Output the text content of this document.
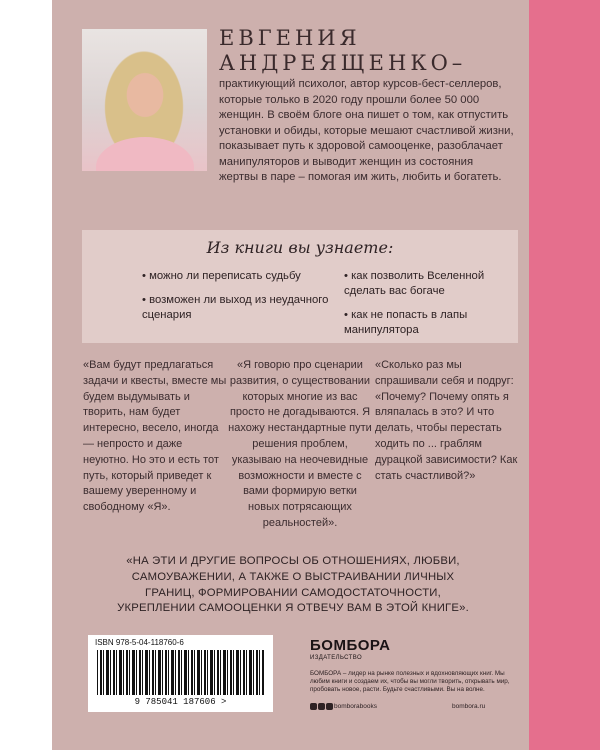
ЕВГЕНИЯ АНДРЕЯЩЕНКО–

практикующий психолог, автор курсов-бест-селлеров, которые только в 2020 году прошли более 50 000 женщин. В своём блоге она пишет о том, как отпустить установки и обиды, которые мешают счастливой жизни, показывает путь к здоровой самооценке, разоблачает манипуляторов и выводит женщин из состояния жертвы в паре – помогая им жить, любить и богатеть.

Из книги вы узнаете:

• можно ли переписать судьбу

• возможен ли выход из неудачного сценария

• как позволить Вселенной сделать вас богаче

• как не попасть в лапы манипулятора

«Вам будут предлагаться задачи и квесты, вместе мы будем выдумывать и творить, нам будет интересно, весело, иногда — непросто и даже неуютно. Но это и есть тот путь, который приведет к вашему уверенному и свободному «Я».

«Я говорю про сценарии развития, о существовании которых многие из вас просто не догадываются. Я нахожу нестандартные пути решения проблем, указываю на неочевидные возможности и вместе с вами формирую ветки новых потрясающих реальностей».

«Сколько раз мы спрашивали себя и подруг: «Почему? Почему опять я вляпалась в это? И что делать, чтобы перестать ходить по ... граблям дурацкой зависимости? Как стать счастливой?»

«НА ЭТИ И ДРУГИЕ ВОПРОСЫ ОБ ОТНОШЕНИЯХ, ЛЮБВИ, САМОУВАЖЕНИИ, А ТАКЖЕ О ВЫСТРАИВАНИИ ЛИЧНЫХ ГРАНИЦ, ФОРМИРОВАНИИ САМОДОСТАТОЧНОСТИ, УКРЕПЛЕНИИ САМООЦЕНКИ Я ОТВЕЧУ ВАМ В ЭТОЙ КНИГЕ».

ISBN 978-5-04-118760-6

9 785041 187606 >

БОМБОРА

ИЗДАТЕЛЬСТВО

БОМБОРА – лидер на рынке полезных и вдохновляющих книг. Мы любим книги и создаем их, чтобы вы могли творить, открывать мир, пробовать новое, расти. Будьте счастливыми. Вы на волне.

bomborabooks	bombora.ru
